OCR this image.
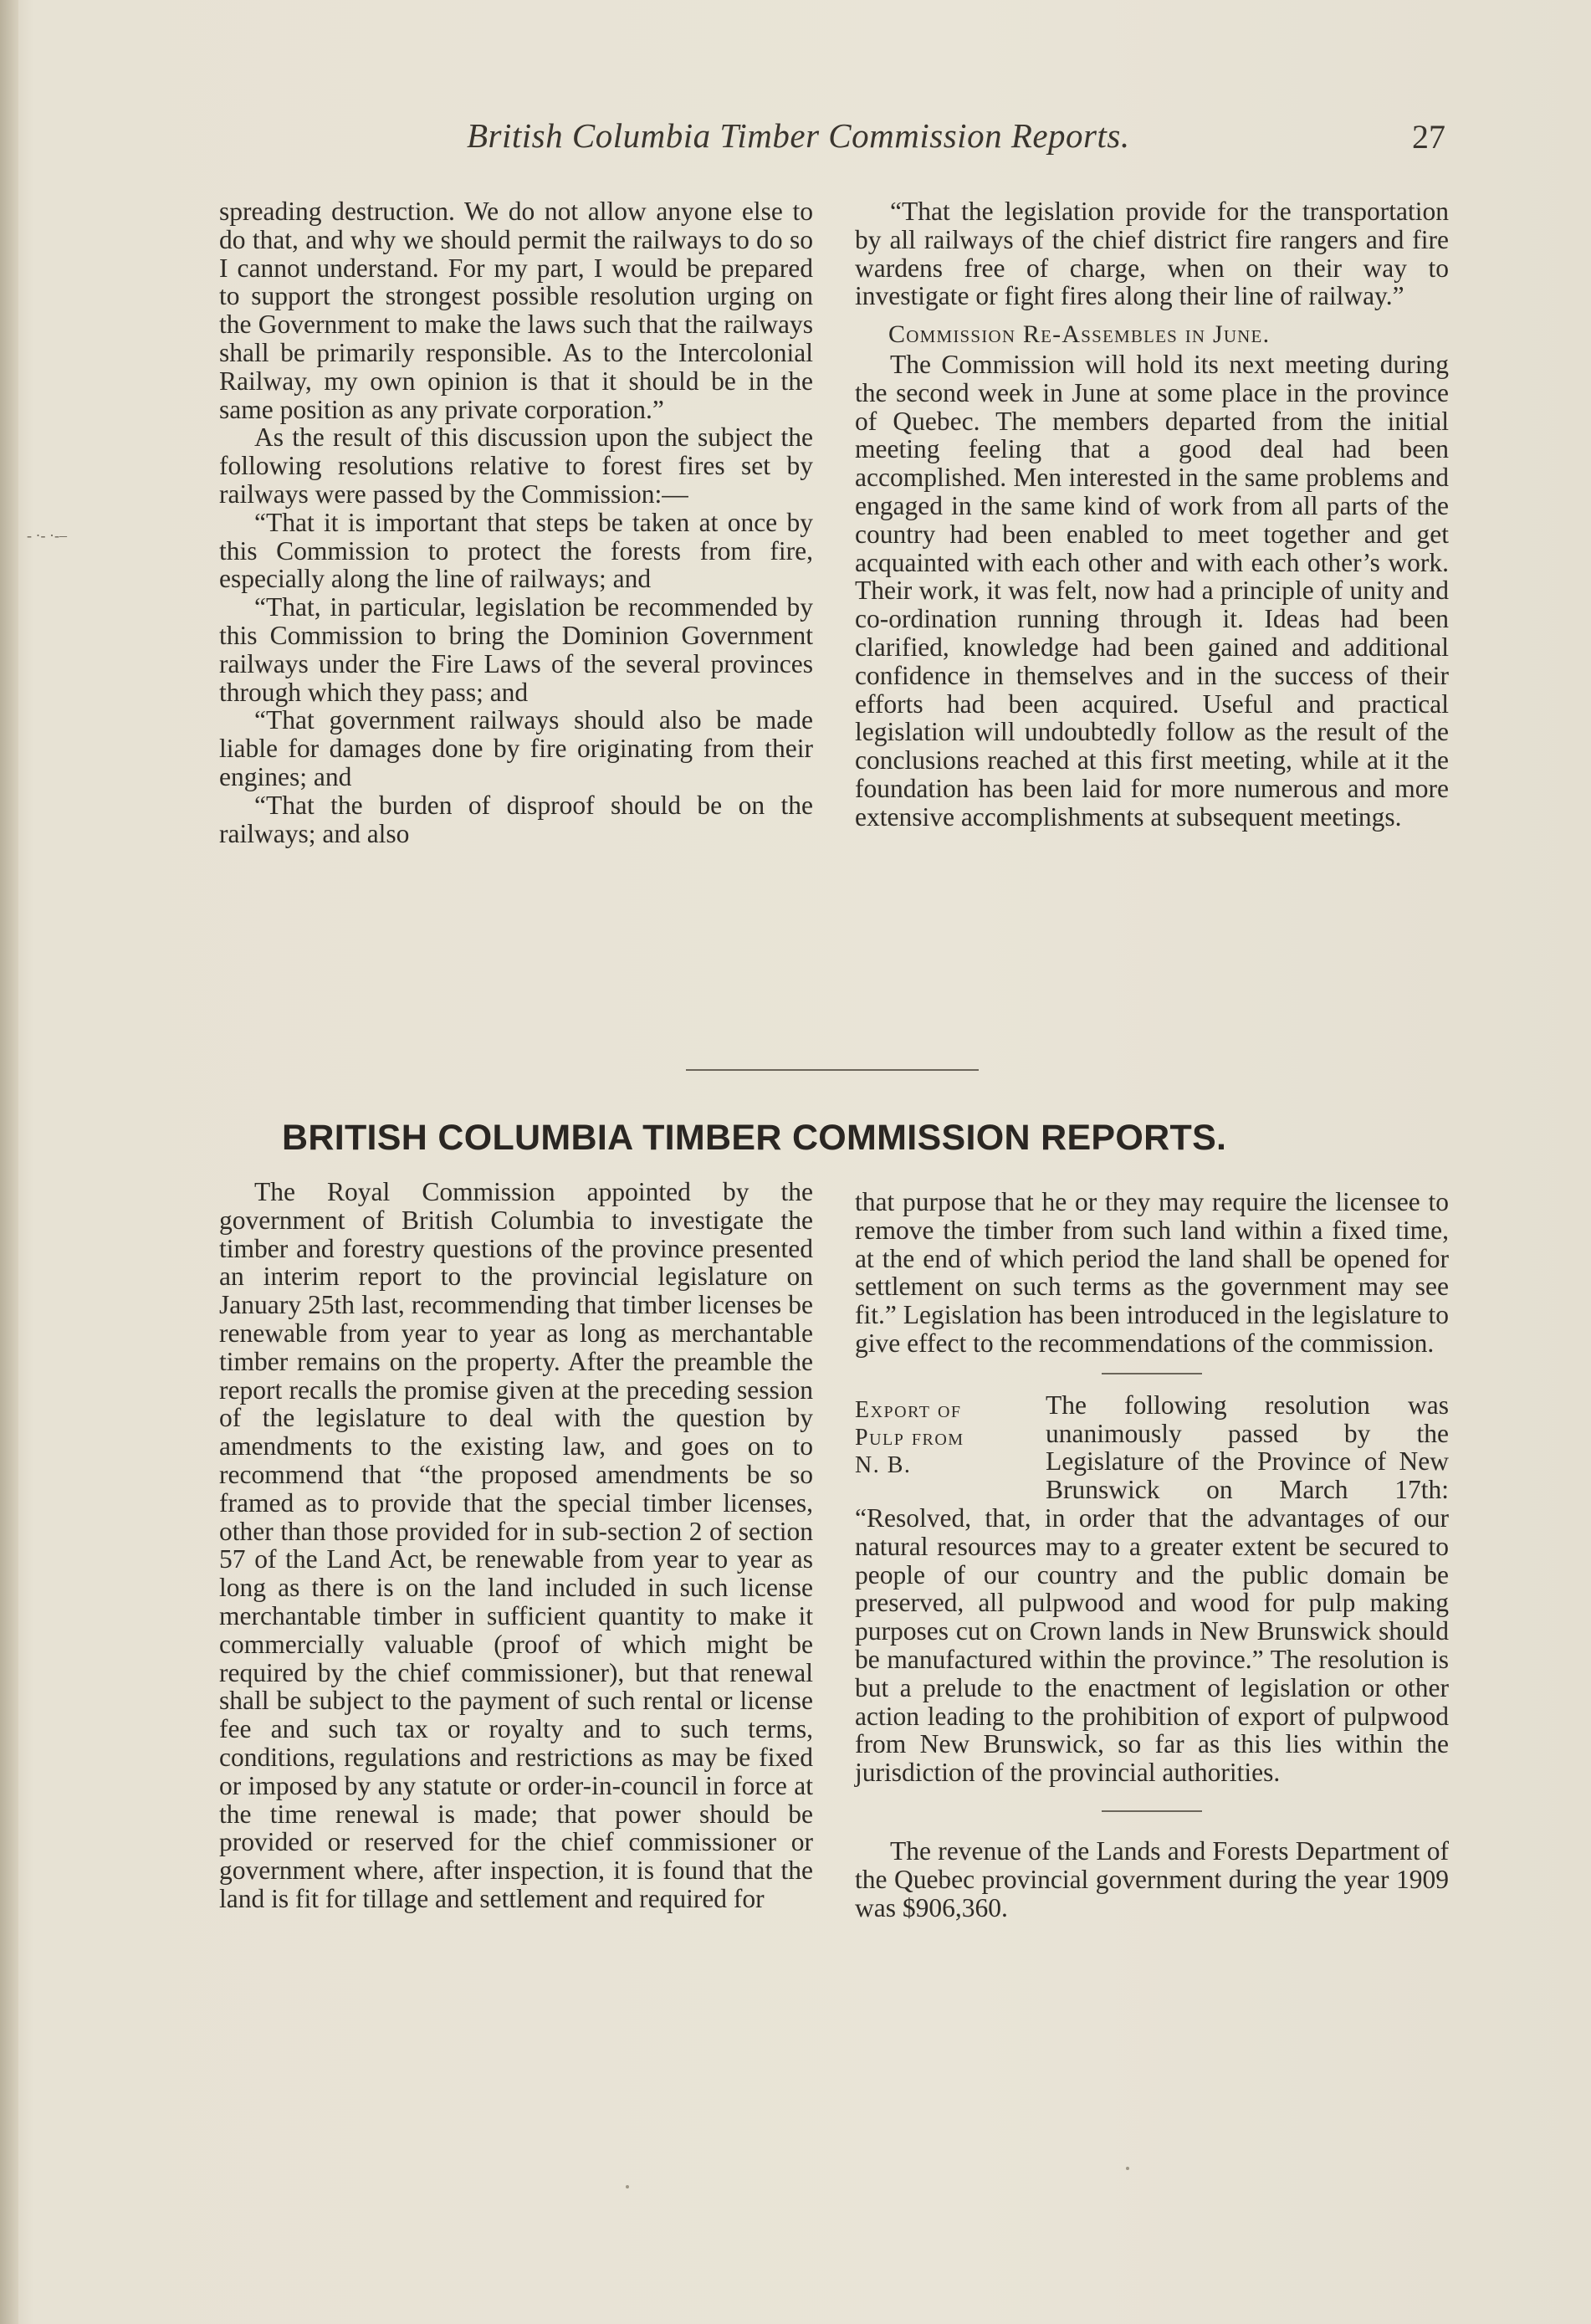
- ·‑ ·‑–
British Columbia Timber Commission Reports.	27

spreading destruction. We do not allow anyone else to do that, and why we should permit the railways to do so I cannot understand. For my part, I would be prepared to support the strongest possible resolution urging on the Government to make the laws such that the railways shall be primarily responsible. As to the Intercolonial Railway, my own opinion is that it should be in the same position as any private corporation.”

As the result of this discussion upon the subject the following resolutions relative to forest fires set by railways were passed by the Commission:—

“That it is important that steps be taken at once by this Commission to protect the forests from fire, especially along the line of railways; and

“That, in particular, legislation be recommended by this Commission to bring the Dominion Government railways under the Fire Laws of the several provinces through which they pass; and

“That government railways should also be made liable for damages done by fire originating from their engines; and

“That the burden of disproof should be on the railways; and also

“That the legislation provide for the transportation by all railways of the chief district fire rangers and fire wardens free of charge, when on their way to investigate or fight fires along their line of railway.”

Commission Re-Assembles in June.

The Commission will hold its next meeting during the second week in June at some place in the province of Quebec. The members departed from the initial meeting feeling that a good deal had been accomplished. Men interested in the same problems and engaged in the same kind of work from all parts of the country had been enabled to meet together and get acquainted with each other and with each other’s work. Their work, it was felt, now had a principle of unity and co-ordination running through it. Ideas had been clarified, knowledge had been gained and additional confidence in themselves and in the success of their efforts had been acquired. Useful and practical legislation will undoubtedly follow as the result of the conclusions reached at this first meeting, while at it the foundation has been laid for more numerous and more extensive accomplishments at subsequent meetings.

BRITISH COLUMBIA TIMBER COMMISSION REPORTS.

The Royal Commission appointed by the government of British Columbia to investigate the timber and forestry questions of the province presented an interim report to the provincial legislature on January 25th last, recommending that timber licenses be renewable from year to year as long as merchantable timber remains on the property. After the preamble the report recalls the promise given at the preceding session of the legislature to deal with the question by amendments to the existing law, and goes on to recommend that “the proposed amendments be so framed as to provide that the special timber licenses, other than those provided for in sub-section 2 of section 57 of the Land Act, be renewable from year to year as long as there is on the land included in such license merchantable timber in sufficient quantity to make it commercially valuable (proof of which might be required by the chief commissioner), but that renewal shall be subject to the payment of such rental or license fee and such tax or royalty and to such terms, conditions, regulations and restrictions as may be fixed or imposed by any statute or order-in-council in force at the time renewal is made; that power should be provided or reserved for the chief commissioner or government where, after inspection, it is found that the land is fit for tillage and settlement and required for

that purpose that he or they may require the licensee to remove the timber from such land within a fixed time, at the end of which period the land shall be opened for settlement on such terms as the government may see fit.” Legislation has been introduced in the legislature to give effect to the recommendations of the commission.

Export of
Pulp from
N. B.

The following resolution was unanimously passed by the Legislature of the Province of New Brunswick on March 17th: “Resolved, that, in order that the advantages of our natural resources may to a greater extent be secured to people of our country and the public domain be preserved, all pulpwood and wood for pulp making purposes cut on Crown lands in New Brunswick should be manufactured within the province.” The resolution is but a prelude to the enactment of legislation or other action leading to the prohibition of export of pulpwood from New Brunswick, so far as this lies within the jurisdiction of the provincial authorities.

The revenue of the Lands and Forests Department of the Quebec provincial government during the year 1909 was $906,360.
